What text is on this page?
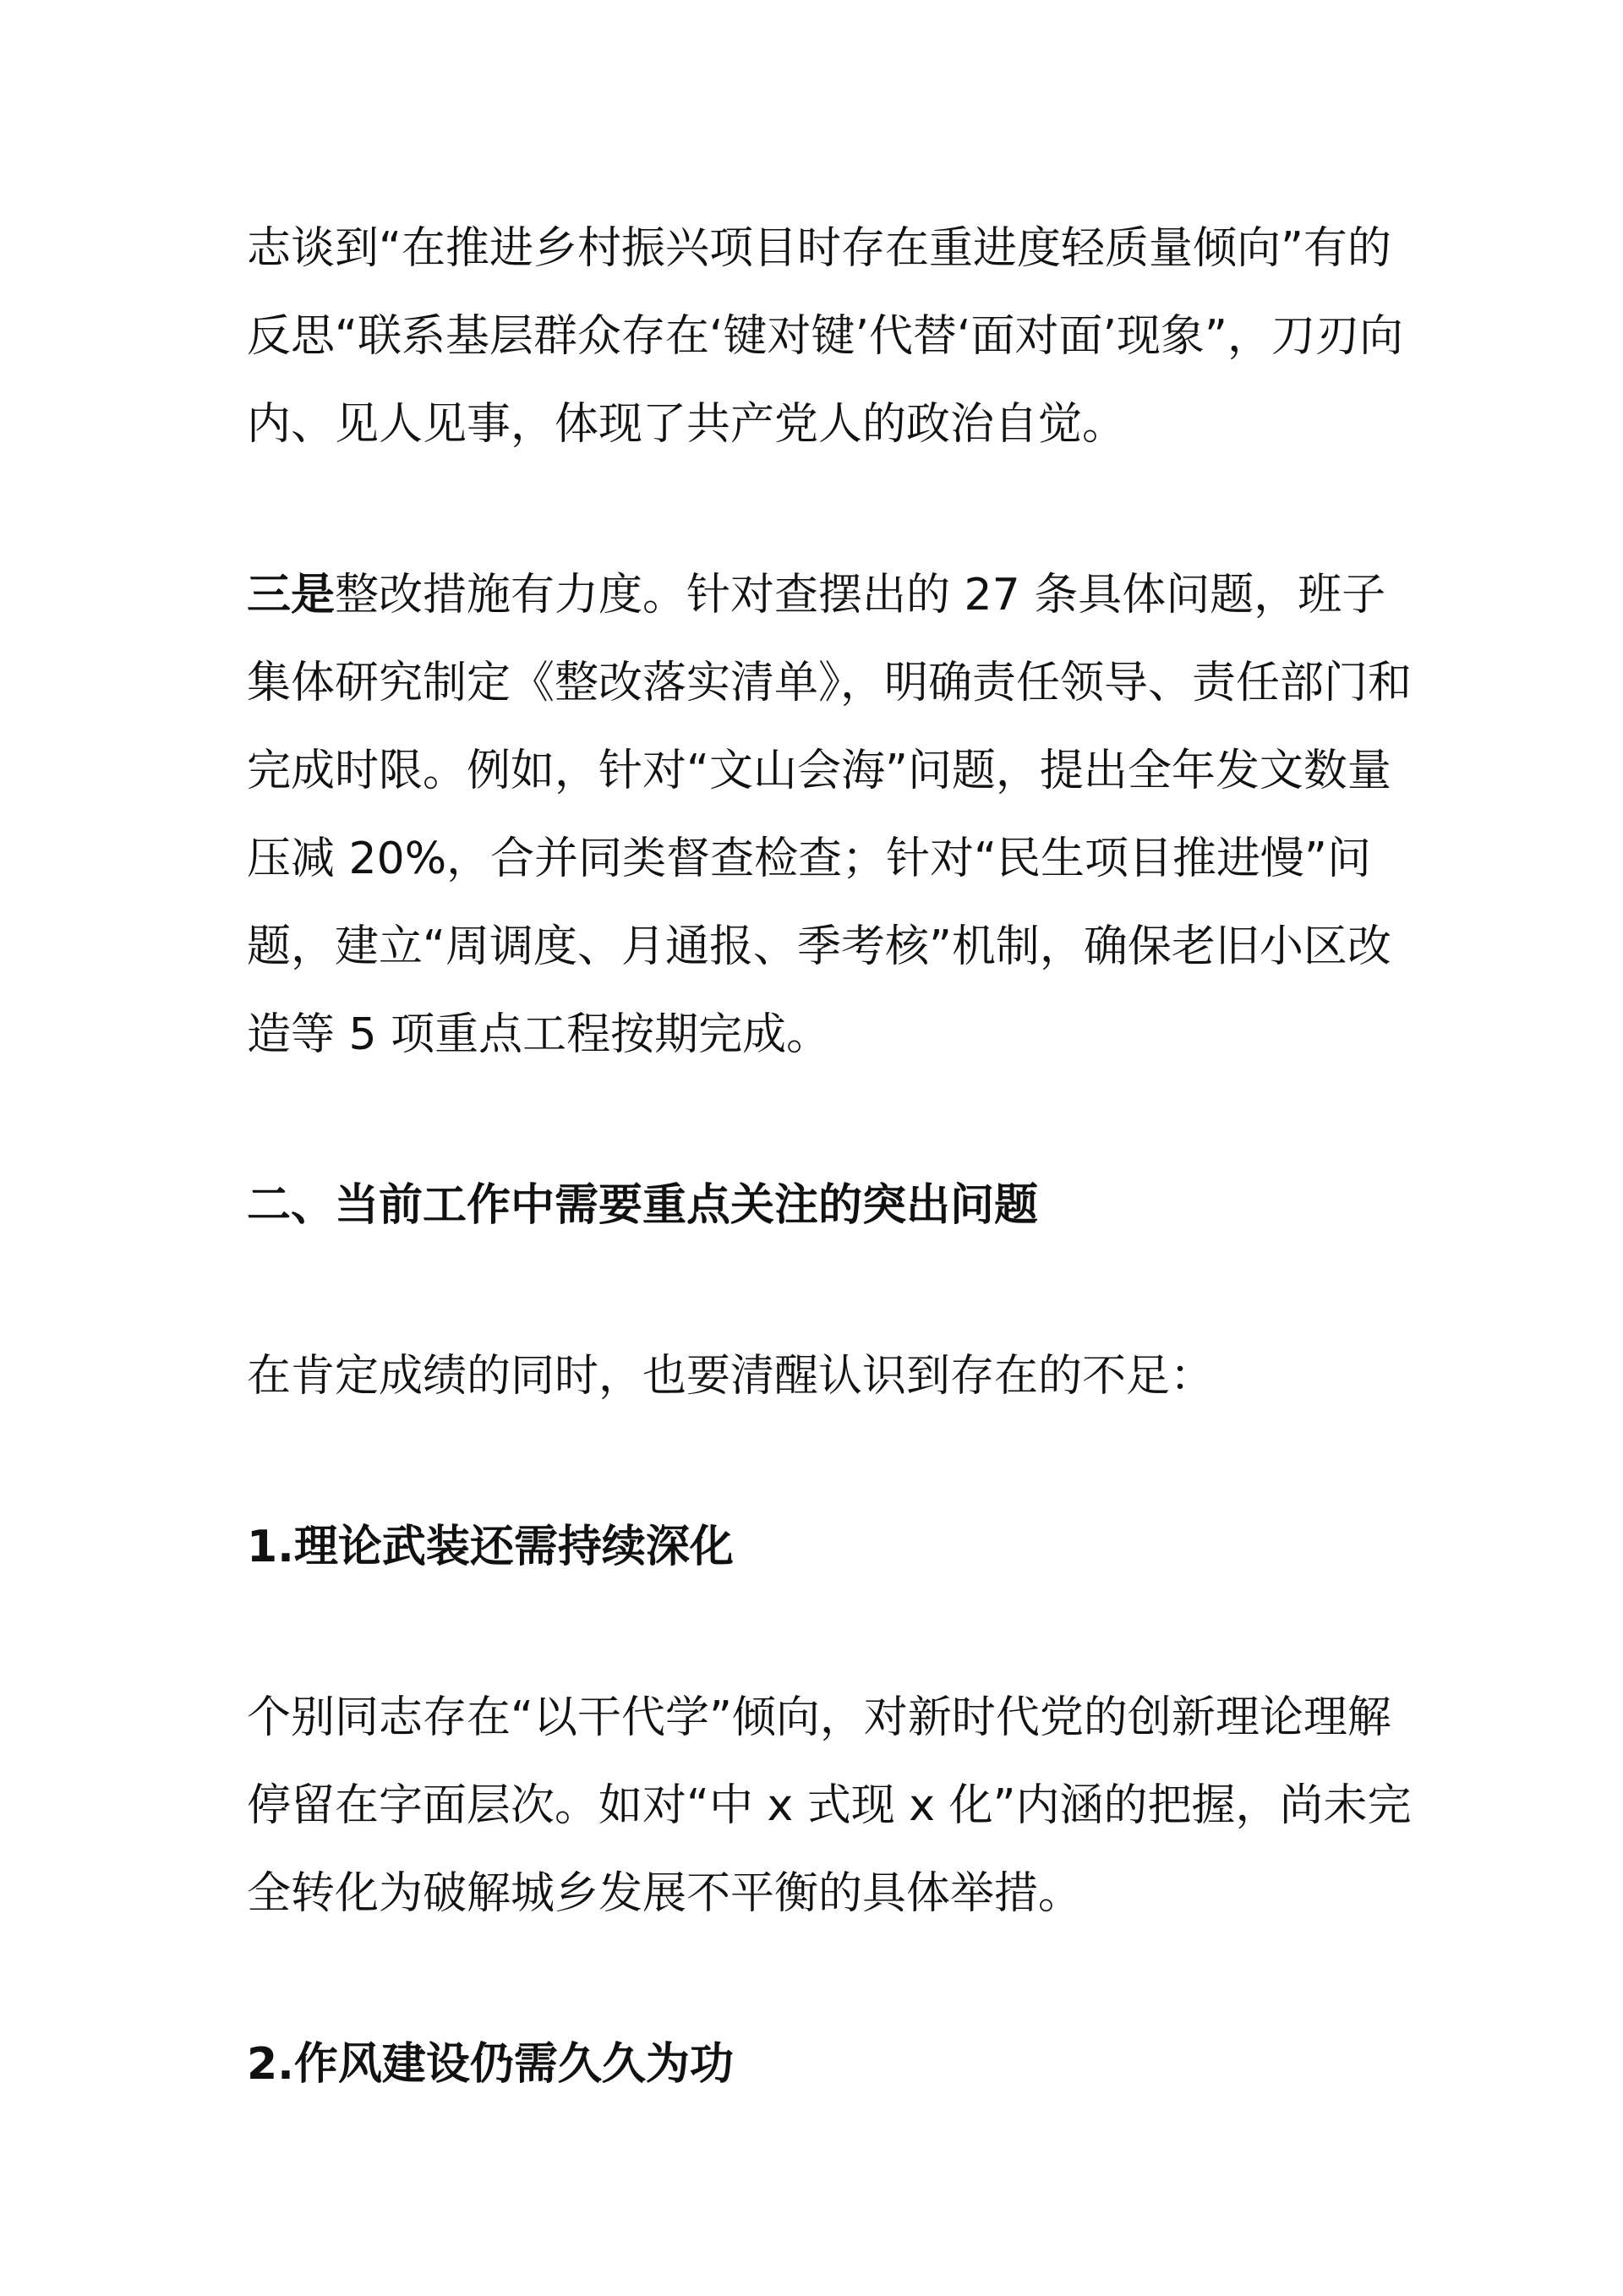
志谈到“在推进乡村振兴项目时存在重进度轻质量倾向”有的反思“联系基层群众存在‘键对键’代替‘面对面’现象”，刀刃向内、见人见事，体现了共产党人的政治自觉。

三是整改措施有力度。针对查摆出的 27 条具体问题，班子集体研究制定《整改落实清单》，明确责任领导、责任部门和完成时限。例如，针对“文山会海”问题，提出全年发文数量压减 20%，合并同类督查检查；针对“民生项目推进慢”问题，建立“周调度、月通报、季考核”机制，确保老旧小区改造等 5 项重点工程按期完成。

二、当前工作中需要重点关注的突出问题

在肯定成绩的同时，也要清醒认识到存在的不足：

1.理论武装还需持续深化

个别同志存在“以干代学”倾向，对新时代党的创新理论理解停留在字面层次。如对“中 x 式现 x 化”内涵的把握，尚未完全转化为破解城乡发展不平衡的具体举措。

2.作风建设仍需久久为功
